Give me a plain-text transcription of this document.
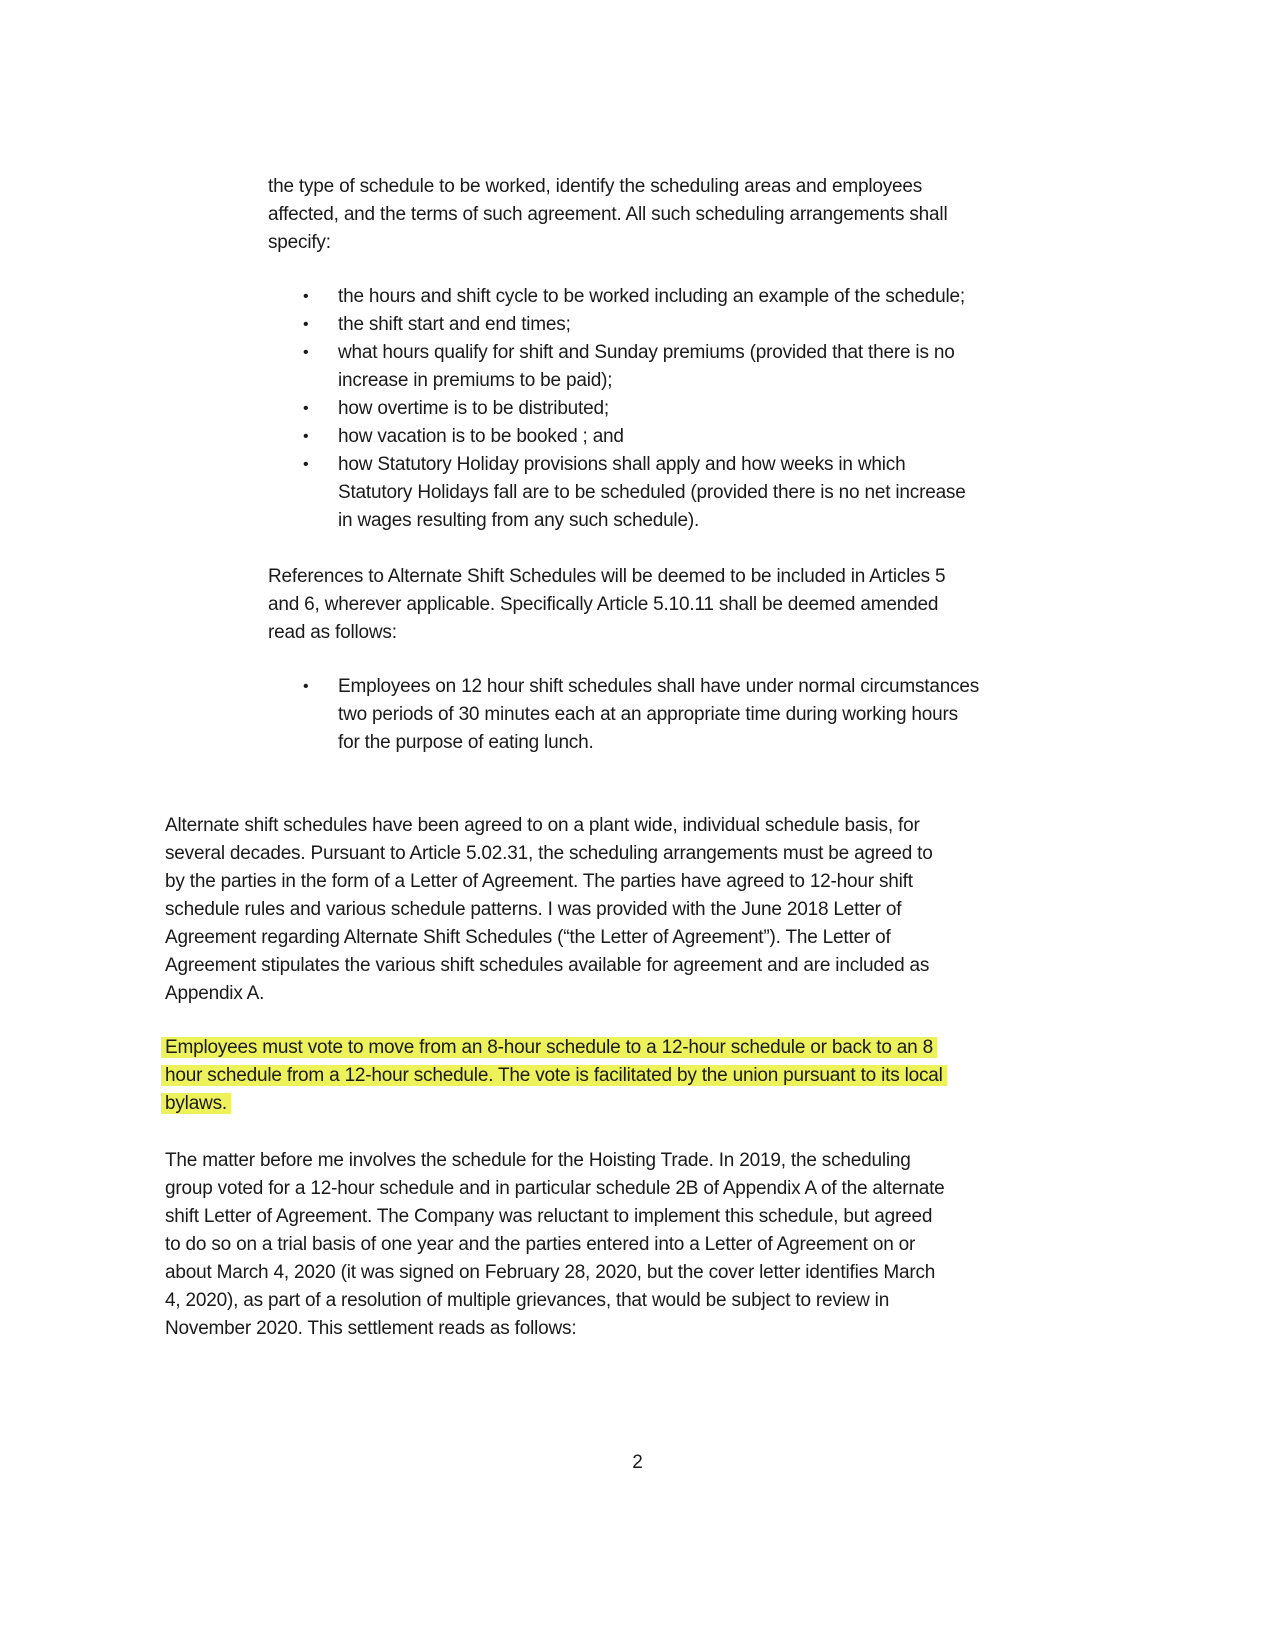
2
the type of schedule to be worked, identify the scheduling areas and employees
affected, and the terms of such agreement. All such scheduling arrangements shall
specify:
• the hours and shift cycle to be worked including an example of the schedule;
• the shift start and end times;
• what hours qualify for shift and Sunday premiums (provided that there is no
increase in premiums to be paid);
• how overtime is to be distributed;
• how vacation is to be booked ; and
• how Statutory Holiday provisions shall apply and how weeks in which
Statutory Holidays fall are to be scheduled (provided there is no net increase
in wages resulting from any such schedule).
References to Alternate Shift Schedules will be deemed to be included in Articles 5
and 6, wherever applicable. Specifically Article 5.10.11 shall be deemed amended
read as follows:
• Employees on 12 hour shift schedules shall have under normal circumstances
two periods of 30 minutes each at an appropriate time during working hours
for the purpose of eating lunch.
Alternate shift schedules have been agreed to on a plant wide, individual schedule basis, for
several decades. Pursuant to Article 5.02.31, the scheduling arrangements must be agreed to
by the parties in the form of a Letter of Agreement. The parties have agreed to 12-hour shift
schedule rules and various schedule patterns. I was provided with the June 2018 Letter of
Agreement regarding Alternate Shift Schedules (“the Letter of Agreement”). The Letter of
Agreement stipulates the various shift schedules available for agreement and are included as
Appendix A.
Employees must vote to move from an 8-hour schedule to a 12-hour schedule or back to an 8
hour schedule from a 12-hour schedule. The vote is facilitated by the union pursuant to its local
bylaws.
The matter before me involves the schedule for the Hoisting Trade. In 2019, the scheduling
group voted for a 12-hour schedule and in particular schedule 2B of Appendix A of the alternate
shift Letter of Agreement. The Company was reluctant to implement this schedule, but agreed
to do so on a trial basis of one year and the parties entered into a Letter of Agreement on or
about March 4, 2020 (it was signed on February 28, 2020, but the cover letter identifies March
4, 2020), as part of a resolution of multiple grievances, that would be subject to review in
November 2020. This settlement reads as follows:
